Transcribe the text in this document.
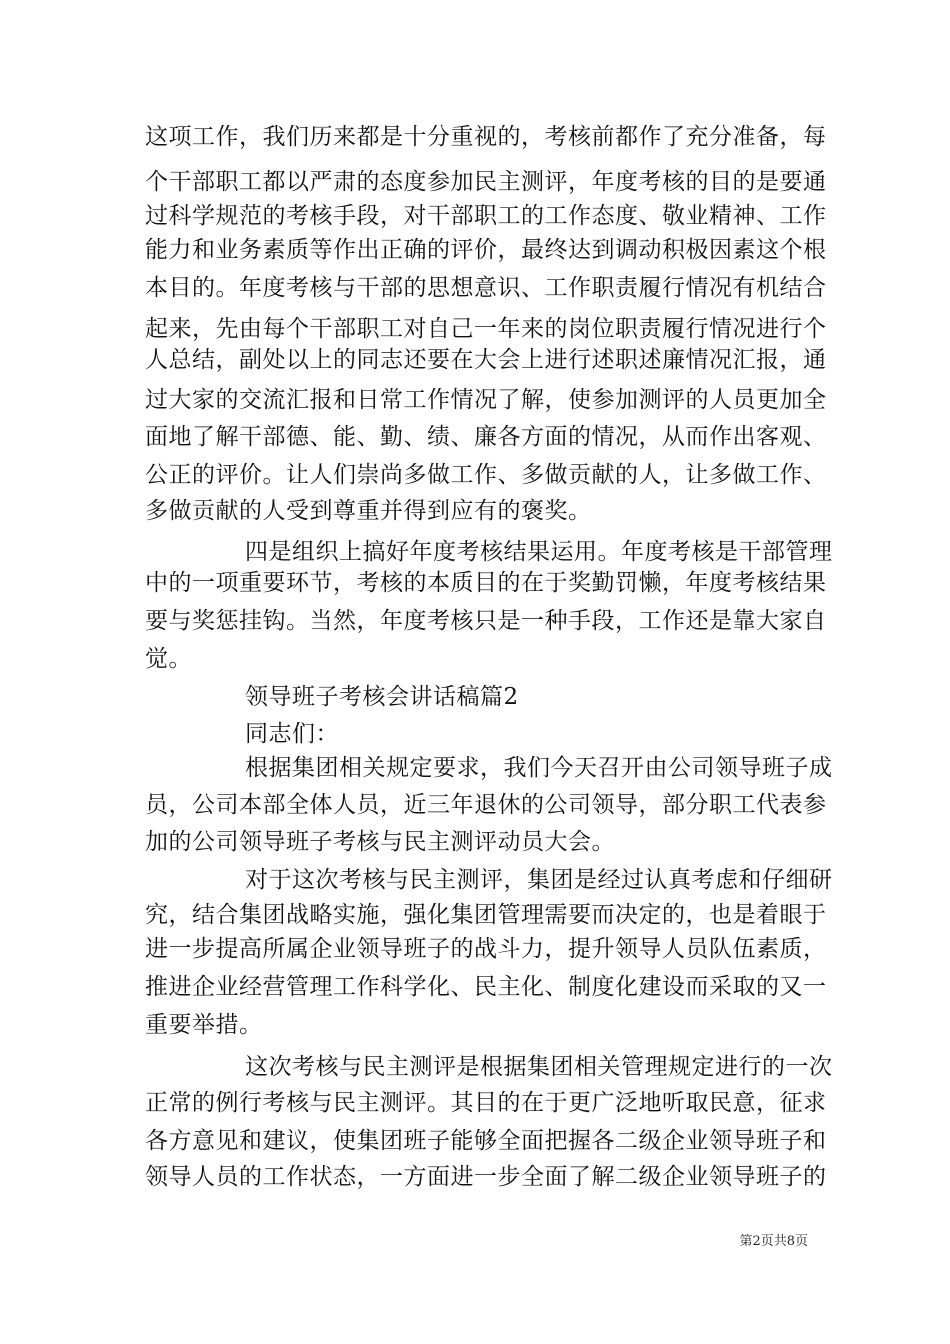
这项工作，我们历来都是十分重视的，考核前都作了充分准备，每
个干部职工都以严肃的态度参加民主测评，年度考核的目的是要通
过科学规范的考核手段，对干部职工的工作态度、敬业精神、工作
能力和业务素质等作出正确的评价，最终达到调动积极因素这个根
本目的。年度考核与干部的思想意识、工作职责履行情况有机结合
起来，先由每个干部职工对自己一年来的岗位职责履行情况进行个
人总结，副处以上的同志还要在大会上进行述职述廉情况汇报，通
过大家的交流汇报和日常工作情况了解，使参加测评的人员更加全
面地了解干部德、能、勤、绩、廉各方面的情况，从而作出客观、
公正的评价。让人们崇尚多做工作、多做贡献的人，让多做工作、
多做贡献的人受到尊重并得到应有的褒奖。
四是组织上搞好年度考核结果运用。年度考核是干部管理
中的一项重要环节，考核的本质目的在于奖勤罚懒，年度考核结果
要与奖惩挂钩。当然，年度考核只是一种手段，工作还是靠大家自
觉。
领导班子考核会讲话稿篇2
同志们：
根据集团相关规定要求，我们今天召开由公司领导班子成
员，公司本部全体人员，近三年退休的公司领导，部分职工代表参
加的公司领导班子考核与民主测评动员大会。
对于这次考核与民主测评，集团是经过认真考虑和仔细研
究，结合集团战略实施，强化集团管理需要而决定的，也是着眼于
进一步提高所属企业领导班子的战斗力，提升领导人员队伍素质，
推进企业经营管理工作科学化、民主化、制度化建设而采取的又一
重要举措。
这次考核与民主测评是根据集团相关管理规定进行的一次
正常的例行考核与民主测评。其目的在于更广泛地听取民意，征求
各方意见和建议，使集团班子能够全面把握各二级企业领导班子和
领导人员的工作状态，一方面进一步全面了解二级企业领导班子的
第2页共8页
